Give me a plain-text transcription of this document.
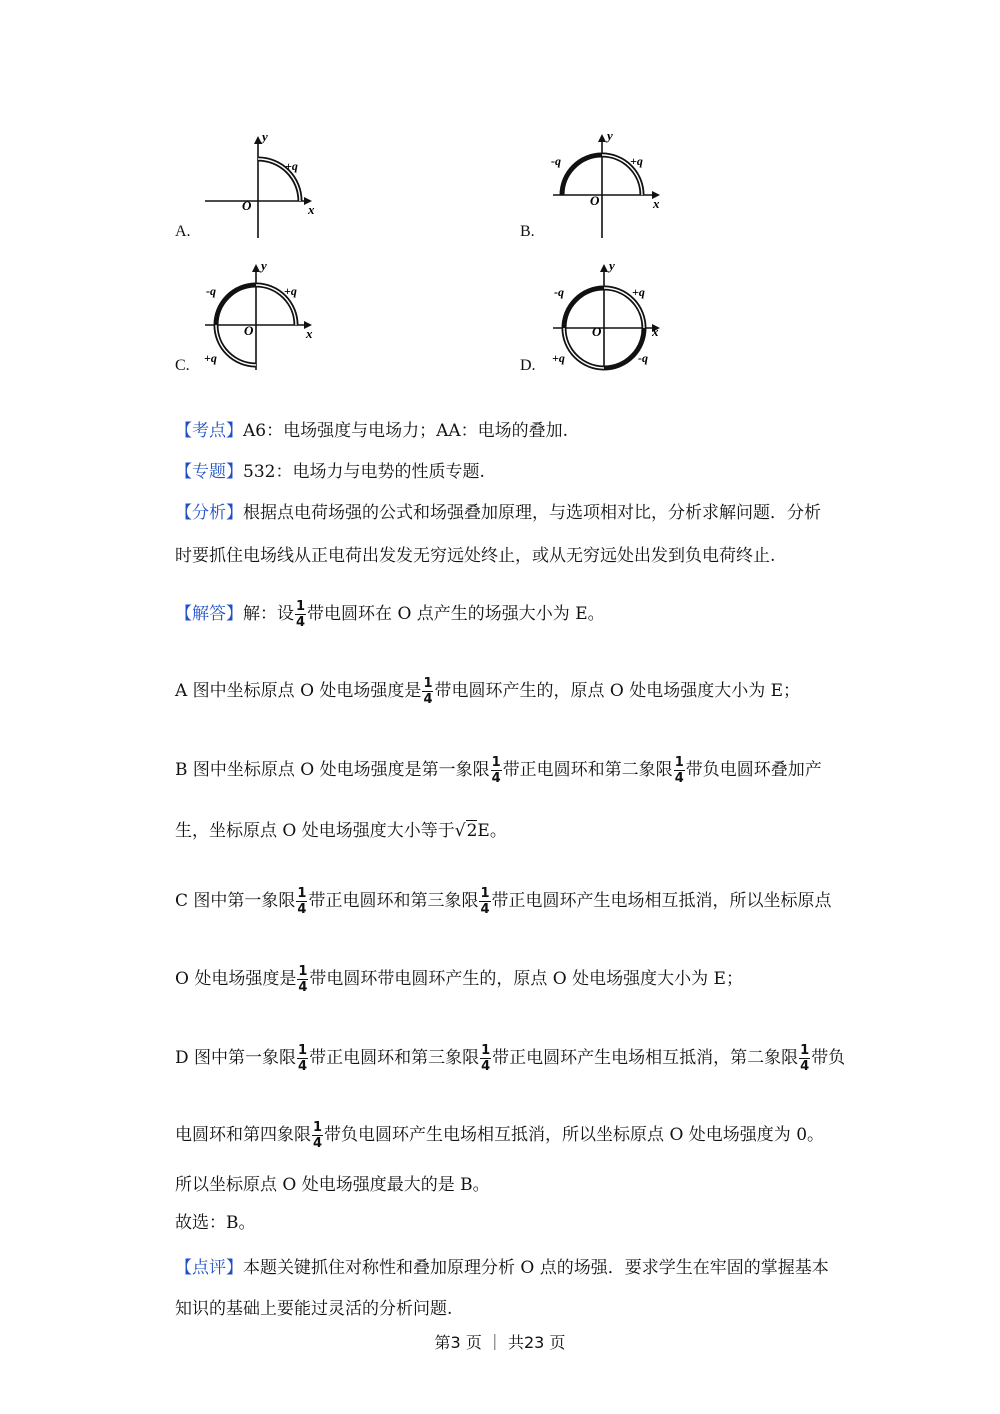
A.
y
x
O
+q
B.
y
x
O
-q	+q
C.
y
x
O
-q	+q
+q	D.
y
x
O
-q	+q
+q	-q
【考点】A6：电场强度与电场力；AA：电场的叠加.
【专题】532：电场力与电势的性质专题.
【分析】根据点电荷场强的公式和场强叠加原理，与选项相对比，分析求解问题．分析
时要抓住电场线从正电荷出发发无穷远处终止，或从无穷远处出发到负电荷终止.
【解答】解：设 $\frac{1}{4}$ 带电圆环在 O 点产生的场强大小为 E。
A 图中坐标原点 O 处电场强度是 $\frac{1}{4}$ 带电圆环产生的，原点 O 处电场强度大小为 E；
B 图中坐标原点 O 处电场强度是第一象限 $\frac{1}{4}$ 带正电圆环和第二象限 $\frac{1}{4}$ 带负电圆环叠加产
生，坐标原点 O 处电场强度大小等于√2E。
C 图中第一象限 $\frac{1}{4}$ 带正电圆环和第三象限 $\frac{1}{4}$ 带正电圆环产生电场相互抵消，所以坐标原点
O 处电场强度是 $\frac{1}{4}$ 带电圆环带电圆环产生的，原点 O 处电场强度大小为 E；
D 图中第一象限 $\frac{1}{4}$ 带正电圆环和第三象限 $\frac{1}{4}$ 带正电圆环产生电场相互抵消，第二象限 $\frac{1}{4}$ 带负
电圆环和第四象限 $\frac{1}{4}$ 带负电圆环产生电场相互抵消，所以坐标原点 O 处电场强度为 0。
所以坐标原点 O 处电场强度最大的是 B。
故选：B。
【点评】本题关键抓住对称性和叠加原理分析 O 点的场强．要求学生在牢固的掌握基本
知识的基础上要能过灵活的分析问题.
第3 页 ｜ 共23 页
